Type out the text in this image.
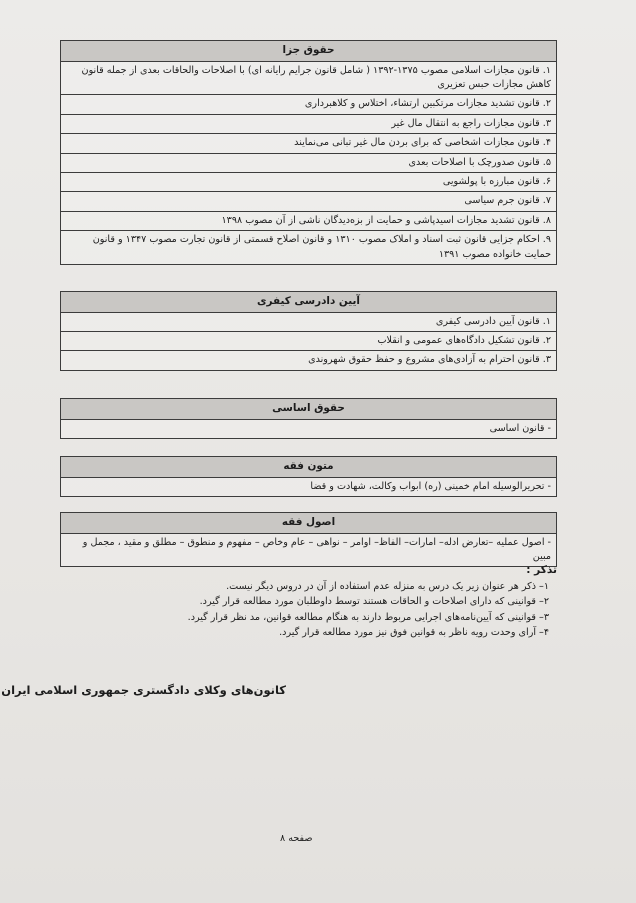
حقوق جزا
۱. قانون مجازات اسلامی مصوب ۱۳۷۵-۱۳۹۲ ( شامل قانون جرایم رایانه ای) با اصلاحات والحاقات بعدی از جمله قانون کاهش مجازات حبس تعزیری
۲. قانون تشدید مجازات مرتکبین ارتشاء، اختلاس و کلاهبرداری
۳. قانون مجازات راجع به انتقال مال غیر
۴. قانون مجازات اشخاصی که برای بردن مال غیر تبانی می‌نمایند
۵. قانون صدورچک با اصلاحات بعدی
۶. قانون مبارزه با پولشویی
۷. قانون جرم سیاسی
۸. قانون تشدید مجازات اسیدپاشی و حمایت از بزه‌دیدگان ناشی از آن مصوب ۱۳۹۸
۹. احکام جزایی قانون ثبت اسناد و املاک مصوب ۱۳۱۰ و قانون اصلاح قسمتی از قانون تجارت مصوب ۱۳۴۷ و قانون حمایت خانواده مصوب ۱۳۹۱
آیین دادرسی کیفری
۱. قانون آیین دادرسی کیفری
۲. قانون تشکیل دادگاه‌های عمومی و انقلاب
۳. قانون احترام به آزادی‌های مشروع و حفظ حقوق شهروندی
حقوق اساسی
- قانون اساسی
متون فقه
- تحریرالوسیله امام خمینی (ره) ابواب وکالت، شهادت و قضا
اصول فقه
- اصول عملیه –تعارض ادله– امارات– الفاظ– اوامر – نواهی – عام وخاص – مفهوم و منطوق – مطلق و مقید ، مجمل و مبین
تذکر :
۱– ذکر هر عنوان زیر یک درس به منزله عدم استفاده از آن در دروس دیگر نیست.
۲– قوانینی که دارای اصلاحات و الحاقات هستند توسط داوطلبان مورد مطالعه قرار گیرد.
۳– قوانینی که آیین‌نامه‌های اجرایی مربوط دارند به هنگام مطالعه قوانین، مد نظر قرار گیرد.
۴– آرای وحدت رویه ناظر به قوانین فوق نیز مورد مطالعه قرار گیرد.
کانون‌های وکلای دادگستری جمهوری اسلامی ایران
صفحه ۸
